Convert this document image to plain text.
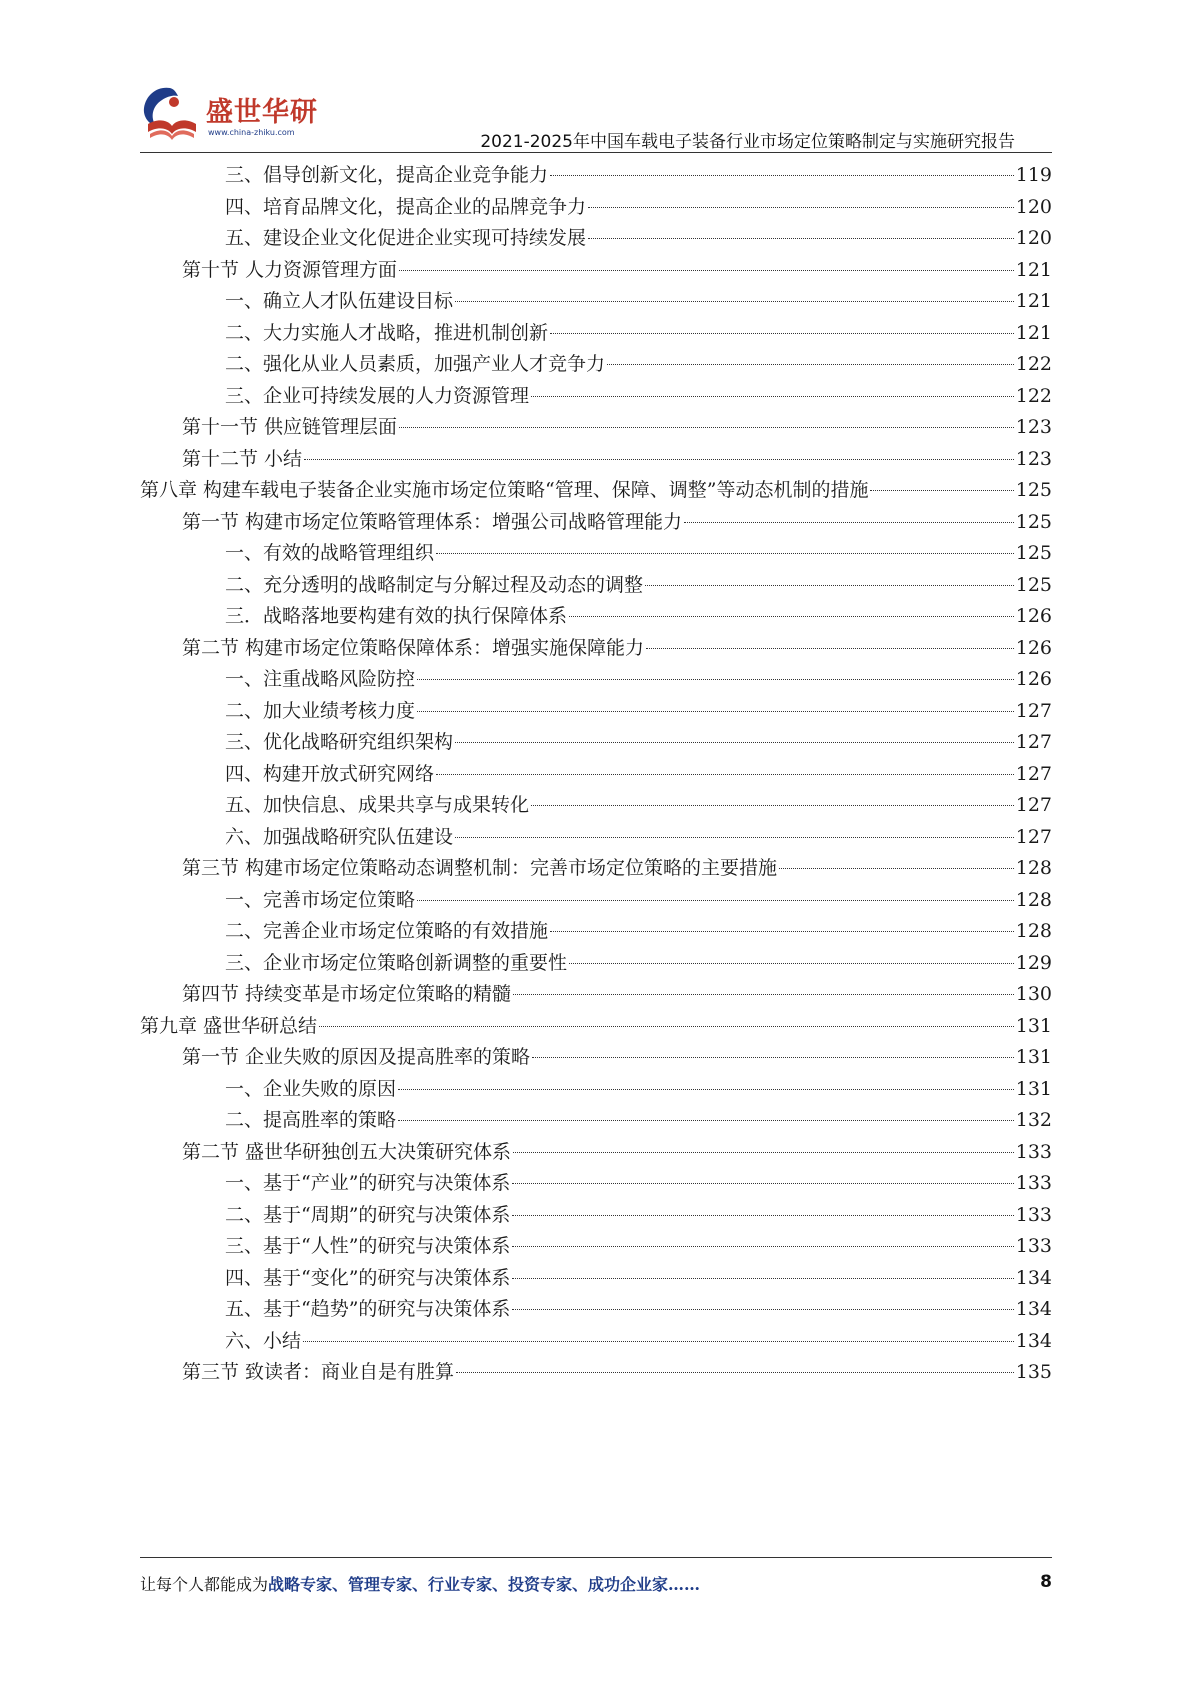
盛世华研
www.china-zhiku.com	2021-2025年中国车载电子装备行业市场定位策略制定与实施研究报告
三、倡导创新文化，提高企业竞争能力	119
四、培育品牌文化，提高企业的品牌竞争力	120
五、建设企业文化促进企业实现可持续发展	120
第十节 人力资源管理方面	121
一、确立人才队伍建设目标	121
二、大力实施人才战略，推进机制创新	121
二、强化从业人员素质，加强产业人才竞争力	122
三、企业可持续发展的人力资源管理	122
第十一节 供应链管理层面	123
第十二节 小结	123
第八章 构建车载电子装备企业实施市场定位策略“管理、保障、调整”等动态机制的措施	125
第一节 构建市场定位策略管理体系：增强公司战略管理能力	125
一、有效的战略管理组织	125
二、充分透明的战略制定与分解过程及动态的调整	125
三．战略落地要构建有效的执行保障体系	126
第二节 构建市场定位策略保障体系：增强实施保障能力	126
一、注重战略风险防控	126
二、加大业绩考核力度	127
三、优化战略研究组织架构	127
四、构建开放式研究网络	127
五、加快信息、成果共享与成果转化	127
六、加强战略研究队伍建设	127
第三节 构建市场定位策略动态调整机制：完善市场定位策略的主要措施	128
一、完善市场定位策略	128
二、完善企业市场定位策略的有效措施	128
三、企业市场定位策略创新调整的重要性	129
第四节 持续变革是市场定位策略的精髓	130
第九章 盛世华研总结	131
第一节 企业失败的原因及提高胜率的策略	131
一、企业失败的原因	131
二、提高胜率的策略	132
第二节 盛世华研独创五大决策研究体系	133
一、基于“产业”的研究与决策体系	133
二、基于“周期”的研究与决策体系	133
三、基于“人性”的研究与决策体系	133
四、基于“变化”的研究与决策体系	134
五、基于“趋势”的研究与决策体系	134
六、小结	134
第三节 致读者：商业自是有胜算	135
让每个人都能成为战略专家、管理专家、行业专家、投资专家、成功企业家……	8
